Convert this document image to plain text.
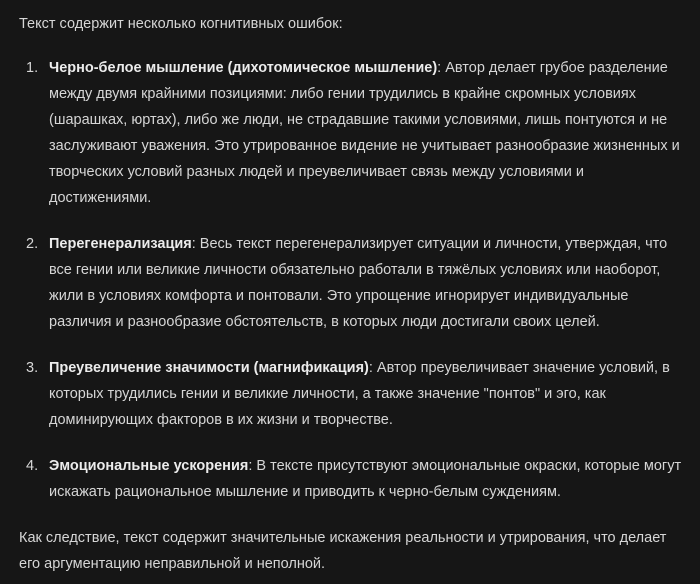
Текст содержит несколько когнитивных ошибок:

1. Черно-белое мышление (дихотомическое мышление): Автор делает грубое разделение между двумя крайними позициями: либо гении трудились в крайне скромных условиях (шарашках, юртах), либо же люди, не страдавшие такими условиями, лишь понтуются и не заслуживают уважения. Это утрированное видение не учитывает разнообразие жизненных и творческих условий разных людей и преувеличивает связь между условиями и достижениями.
2. Перегенерализация: Весь текст перегенерализирует ситуации и личности, утверждая, что все гении или великие личности обязательно работали в тяжёлых условиях или наоборот, жили в условиях комфорта и понтовали. Это упрощение игнорирует индивидуальные различия и разнообразие обстоятельств, в которых люди достигали своих целей.
3. Преувеличение значимости (магнификация): Автор преувеличивает значение условий, в которых трудились гении и великие личности, а также значение "понтов" и эго, как доминирующих факторов в их жизни и творчестве.
4. Эмоциональные ускорения: В тексте присутствуют эмоциональные окраски, которые могут искажать рациональное мышление и приводить к черно-белым суждениям.

Как следствие, текст содержит значительные искажения реальности и утрирования, что делает его аргументацию неправильной и неполной.
